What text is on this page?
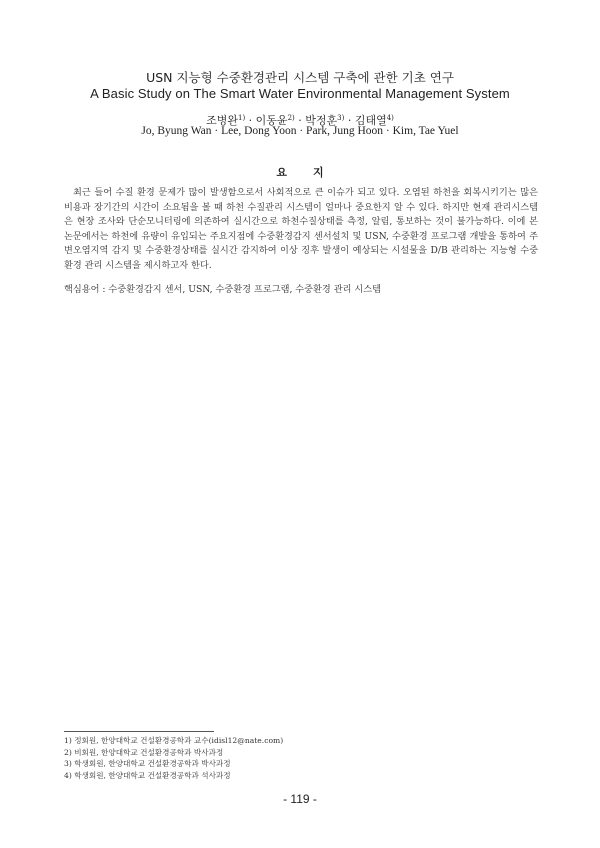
USN 지능형 수중환경관리 시스템 구축에 관한 기초 연구
A Basic Study on The Smart Water Environmental Management System
조병완$^{1)}$ · 이동윤$^{2)}$ · 박정훈$^{3)}$ · 김태열$^{4)}$
Jo, Byung Wan · Lee, Dong Yoon · Park, Jung Hoon · Kim, Tae Yuel
요지

최근 들어 수질 환경 문제가 많이 발생함으로서 사회적으로 큰 이슈가 되고 있다. 오염된 하천을 회복시키기는 많은 비용과 장기간의 시간이 소요됨을 볼 때 하천 수질관리 시스템이 얼마나 중요한지 알 수 있다. 하지만 현재 관리시스템은 현장 조사와 단순모니터링에 의존하여 실시간으로 하천수질상태를 측정, 알림, 통보하는 것이 불가능하다. 이에 본 논문에서는 하천에 유량이 유입되는 주요지점에 수중환경감지 센서설치 및 USN, 수중환경 프로그램 개발을 통하여 주변오염지역 감지 및 수중환경상태를 실시간 감지하여 이상 징후 발생이 예상되는 시설물을 D/B 관리하는 지능형 수중환경 관리 시스템을 제시하고자 한다.

핵심용어 : 수중환경감지 센서, USN, 수중환경 프로그램, 수중환경 관리 시스템
1) 정회원, 한양대학교 건설환경공학과 교수(idisl12@nate.com)
2) 비회원, 한양대학교 건설환경공학과 박사과정
3) 학생회원, 한양대학교 건설환경공학과 박사과정
4) 학생회원, 한양대학교 건설환경공학과 석사과정
- 119 -
